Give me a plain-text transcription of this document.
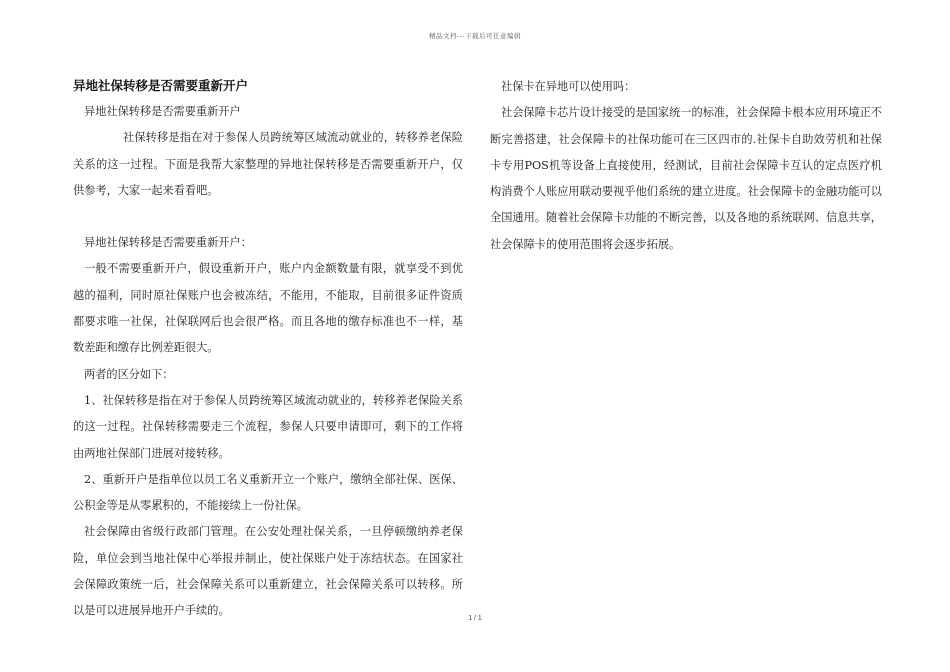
精品文档---下载后可任意编辑
异地社保转移是否需要重新开户

异地社保转移是否需要重新开户

社保转移是指在对于参保人员跨统筹区域流动就业的，转移养老保险关系的这一过程。下面是我帮大家整理的异地社保转移是否需要重新开户，仅供参考，大家一起来看看吧。

异地社保转移是否需要重新开户：

一般不需要重新开户，假设重新开户，账户内金额数量有限，就享受不到优越的福利，同时原社保账户也会被冻结，不能用，不能取，目前很多证件资质都要求唯一社保，社保联网后也会很严格。而且各地的缴存标准也不一样，基数差距和缴存比例差距很大。

两者的区分如下：

1、社保转移是指在对于参保人员跨统筹区域流动就业的，转移养老保险关系的这一过程。社保转移需要走三个流程，参保人只要申请即可，剩下的工作将由两地社保部门进展对接转移。

2、重新开户是指单位以员工名义重新开立一个账户，缴纳全部社保、医保、公积金等是从零累积的，不能接续上一份社保。

社会保障由省级行政部门管理。在公安处理社保关系，一旦停顿缴纳养老保险，单位会到当地社保中心举报并制止，使社保账户处于冻结状态。在国家社会保障政策统一后，社会保障关系可以重新建立，社会保障关系可以转移。所以是可以进展异地开户手续的。

社保卡在异地可以使用吗：

社会保障卡芯片设计接受的是国家统一的标准，社会保障卡根本应用环境正不断完善搭建，社会保障卡的社保功能可在三区四市的.社保卡自助效劳机和社保卡专用POS机等设备上直接使用，经测试，目前社会保障卡互认的定点医疗机构消费个人账应用联动要视乎他们系统的建立进度。社会保障卡的金融功能可以全国通用。随着社会保障卡功能的不断完善，以及各地的系统联网、信息共享，社会保障卡的使用范围将会逐步拓展。

1 / 1
